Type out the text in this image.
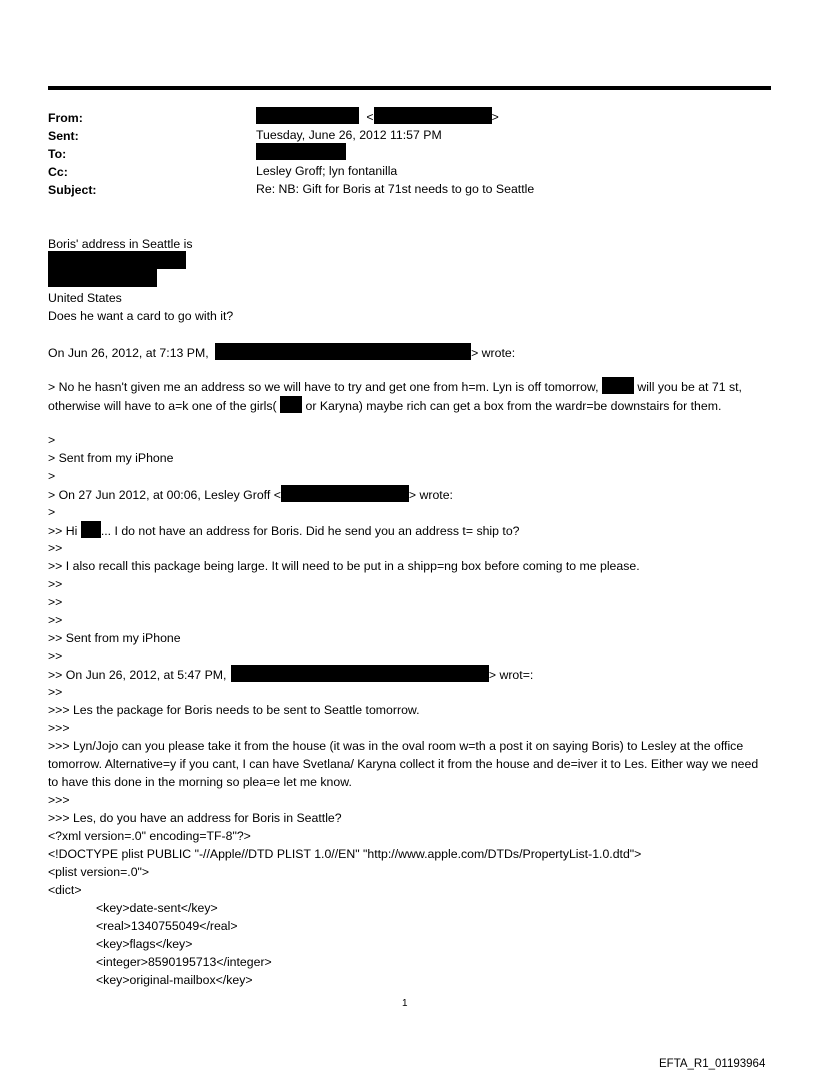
From:	<	>
Sent:	Tuesday, June 26, 2012 11:57 PM
To:
Cc:	Lesley Groff; lyn fontanilla
Subject:	Re: NB: Gift for Boris at 71st needs to go to Seattle
Boris' address in Seattle is
United States
Does he want a card to go with it?
On Jun 26, 2012, at 7:13 PM,	> wrote:
> No he hasn't given me an address so we will have to try and get one from h=m. Lyn is off tomorrow,	will you be at 71 st, otherwise will have to a=k one of the girls( or Karyna) maybe rich can get a box from the wardr=be downstairs for them.
>
> Sent from my iPhone
>
> On 27 Jun 2012, at 00:06, Lesley Groff <	> wrote:
>
>> Hi ... I do not have an address for Boris. Did he send you an address t= ship to?
>>
>> I also recall this package being large. It will need to be put in a shipp=ng box before coming to me please.
>>
>>
>>
>> Sent from my iPhone
>>
>> On Jun 26, 2012, at 5:47 PM,	> wrot=:
>>
>>> Les the package for Boris needs to be sent to Seattle tomorrow.
>>>
>>> Lyn/Jojo can you please take it from the house (it was in the oval room w=th a post it on saying Boris) to Lesley at the office tomorrow. Alternative=y if you cant, I can have Svetlana/ Karyna collect it from the house and de=iver it to Les. Either way we need to have this done in the morning so plea=e let me know.
>>>
>>> Les, do you have an address for Boris in Seattle?
<?xml version=.0" encoding=TF-8"?>
<!DOCTYPE plist PUBLIC "-//Apple//DTD PLIST 1.0//EN" "http://www.apple.com/DTDs/PropertyList-1.0.dtd">
<plist version=.0">
<dict>
<key>date-sent</key>
<real>1340755049</real>
<key>flags</key>
<integer>8590195713</integer>
<key>original-mailbox</key>
1
EFTA_R1_01193964
